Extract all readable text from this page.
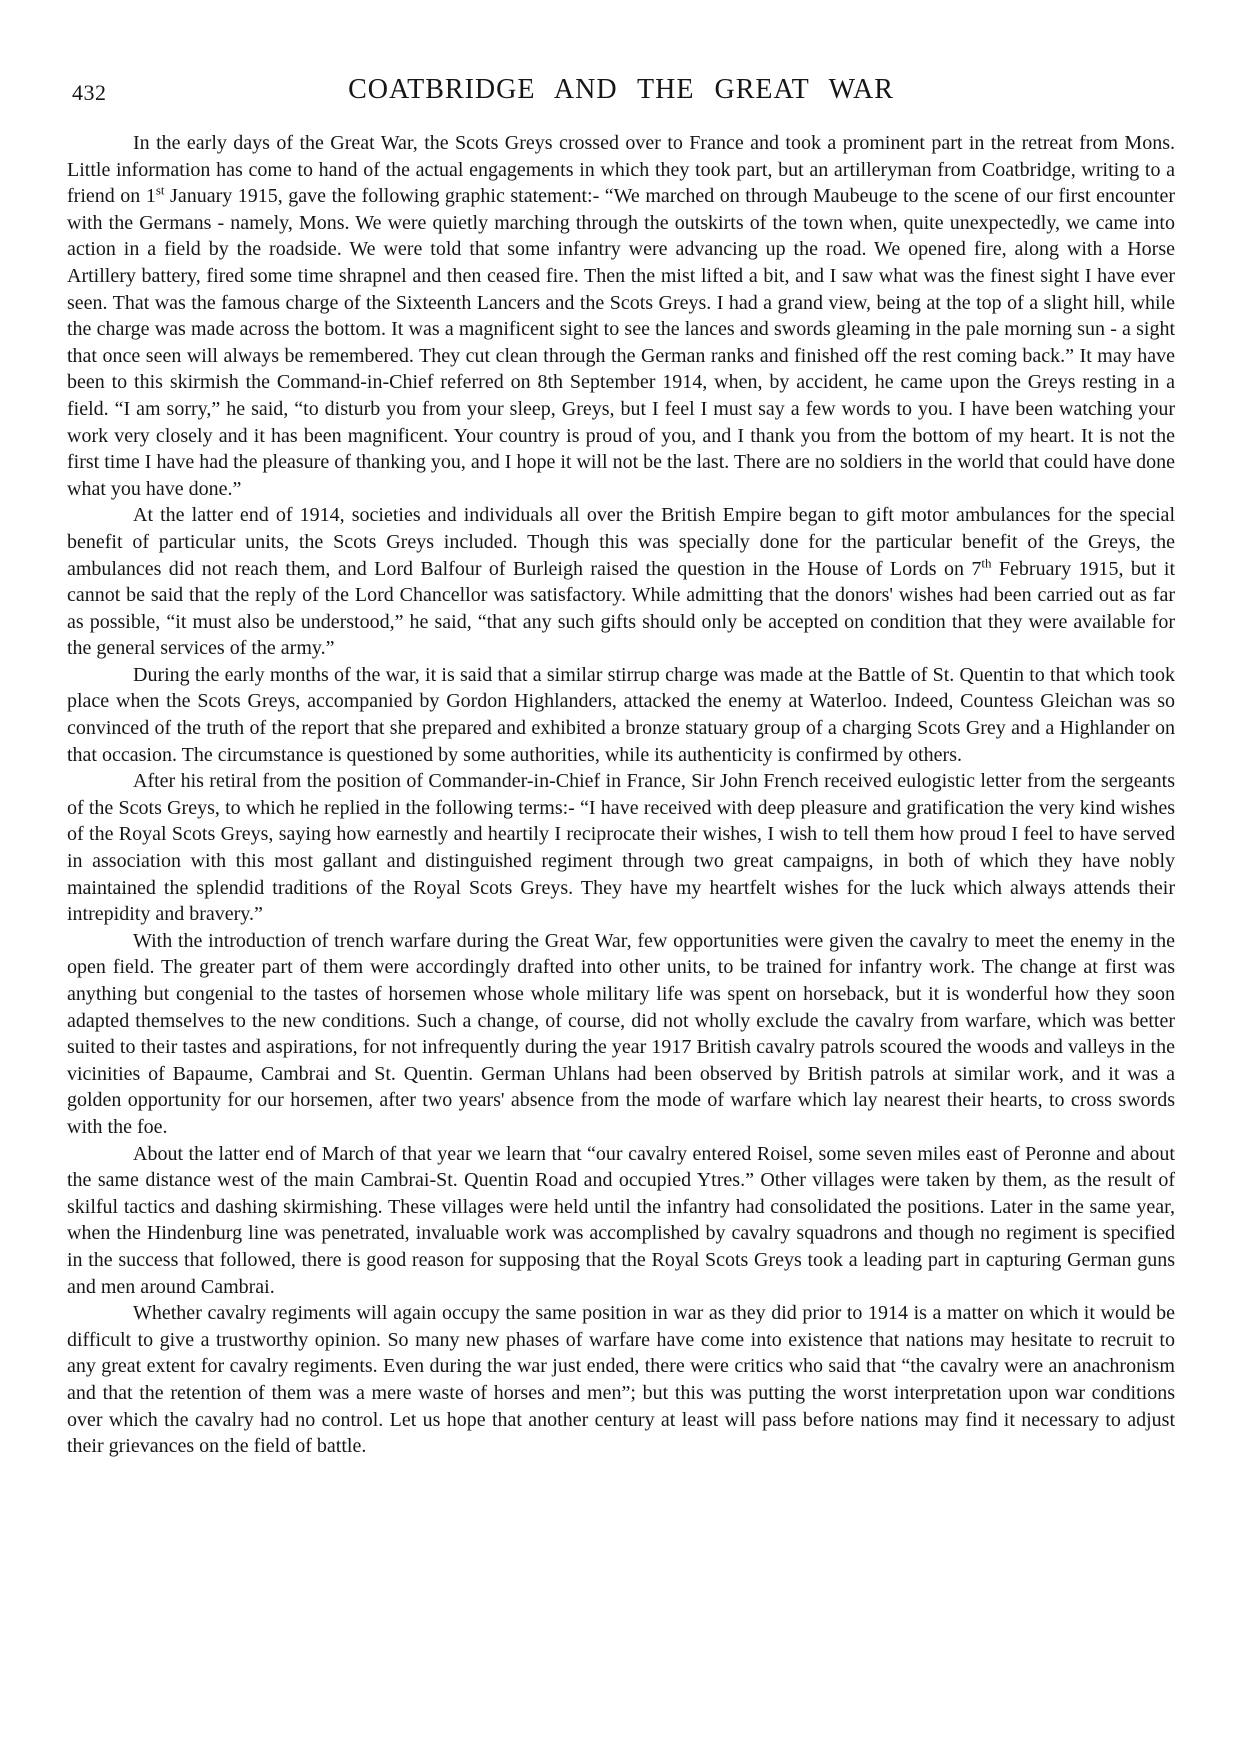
432	COATBRIDGE AND THE GREAT WAR

In the early days of the Great War, the Scots Greys crossed over to France and took a prominent part in the retreat from Mons. Little information has come to hand of the actual engagements in which they took part, but an artilleryman from Coatbridge, writing to a friend on 1st January 1915, gave the following graphic statement:- “We marched on through Maubeuge to the scene of our first encounter with the Germans - namely, Mons. We were quietly marching through the outskirts of the town when, quite unexpectedly, we came into action in a field by the roadside. We were told that some infantry were advancing up the road. We opened fire, along with a Horse Artillery battery, fired some time shrapnel and then ceased fire. Then the mist lifted a bit, and I saw what was the finest sight I have ever seen. That was the famous charge of the Sixteenth Lancers and the Scots Greys. I had a grand view, being at the top of a slight hill, while the charge was made across the bottom. It was a magnificent sight to see the lances and swords gleaming in the pale morning sun - a sight that once seen will always be remembered. They cut clean through the German ranks and finished off the rest coming back.” It may have been to this skirmish the Command-in-Chief referred on 8th September 1914, when, by accident, he came upon the Greys resting in a field. “I am sorry,” he said, “to disturb you from your sleep, Greys, but I feel I must say a few words to you. I have been watching your work very closely and it has been magnificent. Your country is proud of you, and I thank you from the bottom of my heart. It is not the first time I have had the pleasure of thanking you, and I hope it will not be the last. There are no soldiers in the world that could have done what you have done.”

At the latter end of 1914, societies and individuals all over the British Empire began to gift motor ambulances for the special benefit of particular units, the Scots Greys included. Though this was specially done for the particular benefit of the Greys, the ambulances did not reach them, and Lord Balfour of Burleigh raised the question in the House of Lords on 7th February 1915, but it cannot be said that the reply of the Lord Chancellor was satisfactory. While admitting that the donors' wishes had been carried out as far as possible, “it must also be understood,” he said, “that any such gifts should only be accepted on condition that they were available for the general services of the army.”

During the early months of the war, it is said that a similar stirrup charge was made at the Battle of St. Quentin to that which took place when the Scots Greys, accompanied by Gordon Highlanders, attacked the enemy at Waterloo. Indeed, Countess Gleichan was so convinced of the truth of the report that she prepared and exhibited a bronze statuary group of a charging Scots Grey and a Highlander on that occasion. The circumstance is questioned by some authorities, while its authenticity is confirmed by others.

After his retiral from the position of Commander-in-Chief in France, Sir John French received eulogistic letter from the sergeants of the Scots Greys, to which he replied in the following terms:- “I have received with deep pleasure and gratification the very kind wishes of the Royal Scots Greys, saying how earnestly and heartily I reciprocate their wishes, I wish to tell them how proud I feel to have served in association with this most gallant and distinguished regiment through two great campaigns, in both of which they have nobly maintained the splendid traditions of the Royal Scots Greys. They have my heartfelt wishes for the luck which always attends their intrepidity and bravery.”

With the introduction of trench warfare during the Great War, few opportunities were given the cavalry to meet the enemy in the open field. The greater part of them were accordingly drafted into other units, to be trained for infantry work. The change at first was anything but congenial to the tastes of horsemen whose whole military life was spent on horseback, but it is wonderful how they soon adapted themselves to the new conditions. Such a change, of course, did not wholly exclude the cavalry from warfare, which was better suited to their tastes and aspirations, for not infrequently during the year 1917 British cavalry patrols scoured the woods and valleys in the vicinities of Bapaume, Cambrai and St. Quentin. German Uhlans had been observed by British patrols at similar work, and it was a golden opportunity for our horsemen, after two years' absence from the mode of warfare which lay nearest their hearts, to cross swords with the foe.

About the latter end of March of that year we learn that “our cavalry entered Roisel, some seven miles east of Peronne and about the same distance west of the main Cambrai-St. Quentin Road and occupied Ytres.” Other villages were taken by them, as the result of skilful tactics and dashing skirmishing. These villages were held until the infantry had consolidated the positions. Later in the same year, when the Hindenburg line was penetrated, invaluable work was accomplished by cavalry squadrons and though no regiment is specified in the success that followed, there is good reason for supposing that the Royal Scots Greys took a leading part in capturing German guns and men around Cambrai.

Whether cavalry regiments will again occupy the same position in war as they did prior to 1914 is a matter on which it would be difficult to give a trustworthy opinion. So many new phases of warfare have come into existence that nations may hesitate to recruit to any great extent for cavalry regiments. Even during the war just ended, there were critics who said that “the cavalry were an anachronism and that the retention of them was a mere waste of horses and men”; but this was putting the worst interpretation upon war conditions over which the cavalry had no control. Let us hope that another century at least will pass before nations may find it necessary to adjust their grievances on the field of battle.
